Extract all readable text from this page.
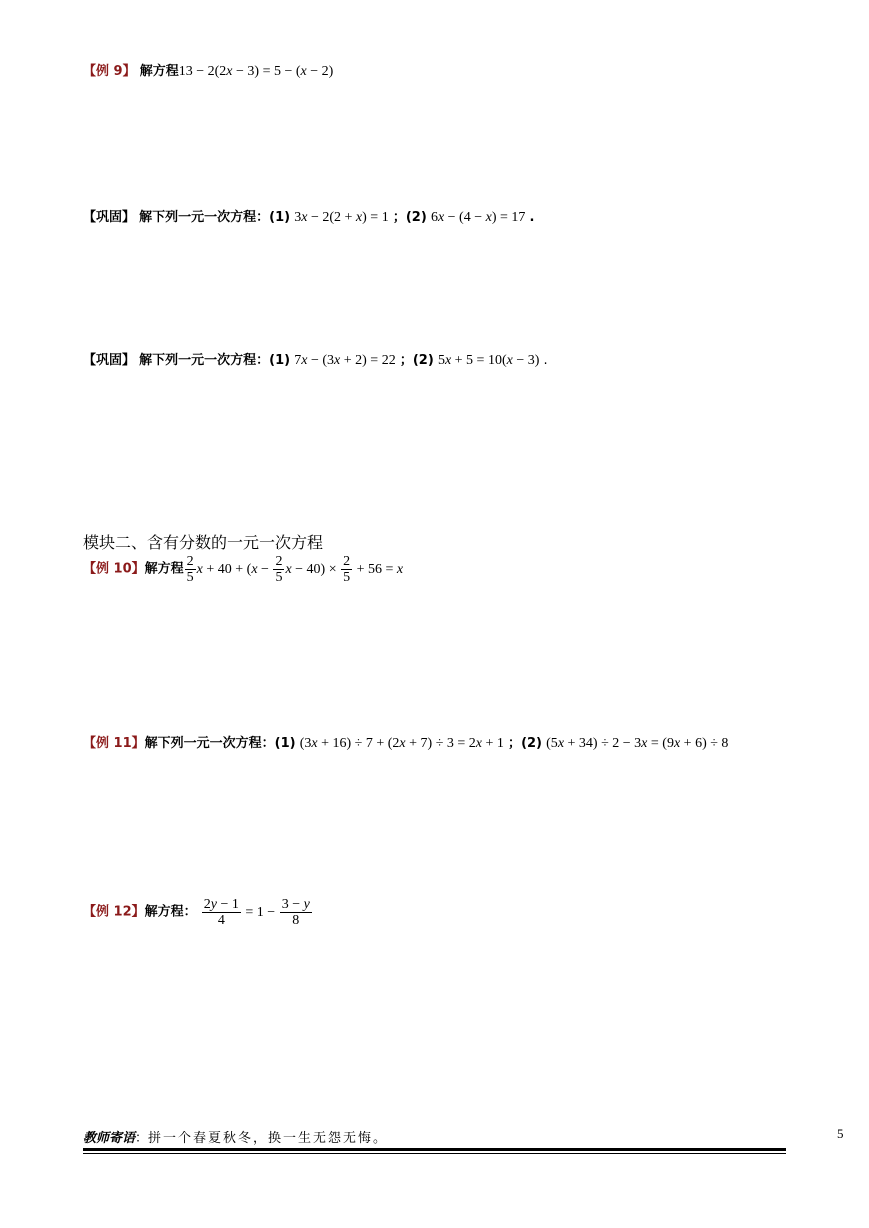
【例 9】 解方程13 − 2(2x − 3) = 5 − (x − 2)
【巩固】 解下列一元一次方程：(1) 3x − 2(2 + x) = 1 ；(2) 6x − (4 − x) = 17 .
【巩固】 解下列一元一次方程：(1) 7x − (3x + 2) = 22 ；(2) 5x + 5 = 10(x − 3) .
模块二、含有分数的一元一次方程
【例 10】解方程 $\frac{2}{5}$ $x + 40 + (x - \frac{2}{5}$ $x - 40) \times \frac{2}{5} + 56 = x$
【例 11】解下列一元一次方程：(1) (3x + 16) ÷ 7 + (2x + 7) ÷ 3 = 2x + 1 ；(2) (5x + 34) ÷ 2 − 3x = (9x + 6) ÷ 8
【例 12】解方程： $\frac{2y - 1}{4} = 1 - \frac{3 - y}{8}$
教师寄语：拼一个春夏秋冬，换一生无怨无悔。	5
